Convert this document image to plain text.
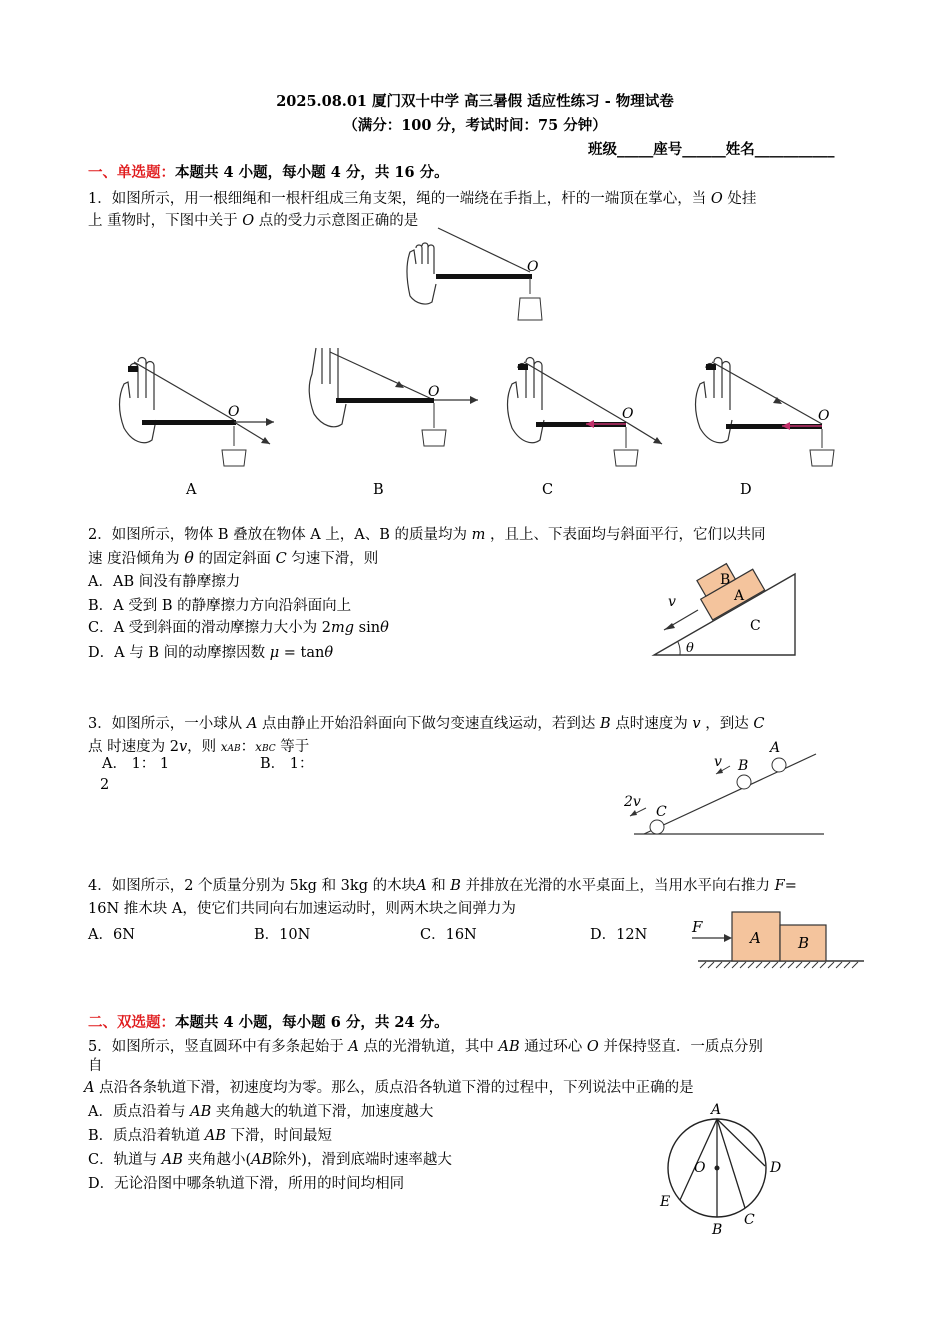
2025.08.01 厦门双十中学 高三暑假 适应性练习 - 物理试卷
（满分：100 分，考试时间：75 分钟）
班级_____座号______姓名___________
一、单选题：本题共 4 小题，每小题 4 分，共 16 分。
1．如图所示，用一根细绳和一根杆组成三角支架，绳的一端绕在手指上，杆的一端顶在掌心，当 O 处挂
上 重物时，下图中关于 O 点的受力示意图正确的是
O
O
A
O
B
O
C
O
D
2．如图所示，物体 B 叠放在物体 A 上，A、B 的质量均为 m ，且上、下表面均与斜面平行，它们以共同
速 度沿倾角为 θ 的固定斜面 C 匀速下滑，则
A．AB 间没有静摩擦力
B．A 受到 B 的静摩擦力方向沿斜面向上
C．A 受到斜面的滑动摩擦力大小为 2mg sinθ
D．A 与 B 间的动摩擦因数 μ = tanθ
A
B
C
v
θ
3．如图所示，一小球从 A 点由静止开始沿斜面向下做匀变速直线运动，若到达 B 点时速度为 v ，到达 C
点 时速度为 2v，则 xAB：xBC 等于
A． 1： 1	B． 1：
2
A
B
C
v
2v
4．如图所示，2 个质量分别为 5kg 和 3kg 的木块A 和 B 并排放在光滑的水平桌面上，当用水平向右推力 F=
16N 推木块 A，使它们共同向右加速运动时，则两木块之间弹力为
A．6N	B．10N	C．16N	D．12N	A B
F
二、双选题：本题共 4 小题，每小题 6 分，共 24 分。
5．如图所示，竖直圆环中有多条起始于 A 点的光滑轨道，其中 AB 通过环心 O 并保持竖直．一质点分别
自
A 点沿各条轨道下滑，初速度均为零。那么，质点沿各轨道下滑的过程中，下列说法中正确的是
A．质点沿着与 AB 夹角越大的轨道下滑，加速度越大
B．质点沿着轨道 AB 下滑，时间最短
C．轨道与 AB 夹角越小(AB除外)，滑到底端时速率越大
D．无论沿图中哪条轨道下滑，所用的时间均相同
A
B
C
D
E
O
